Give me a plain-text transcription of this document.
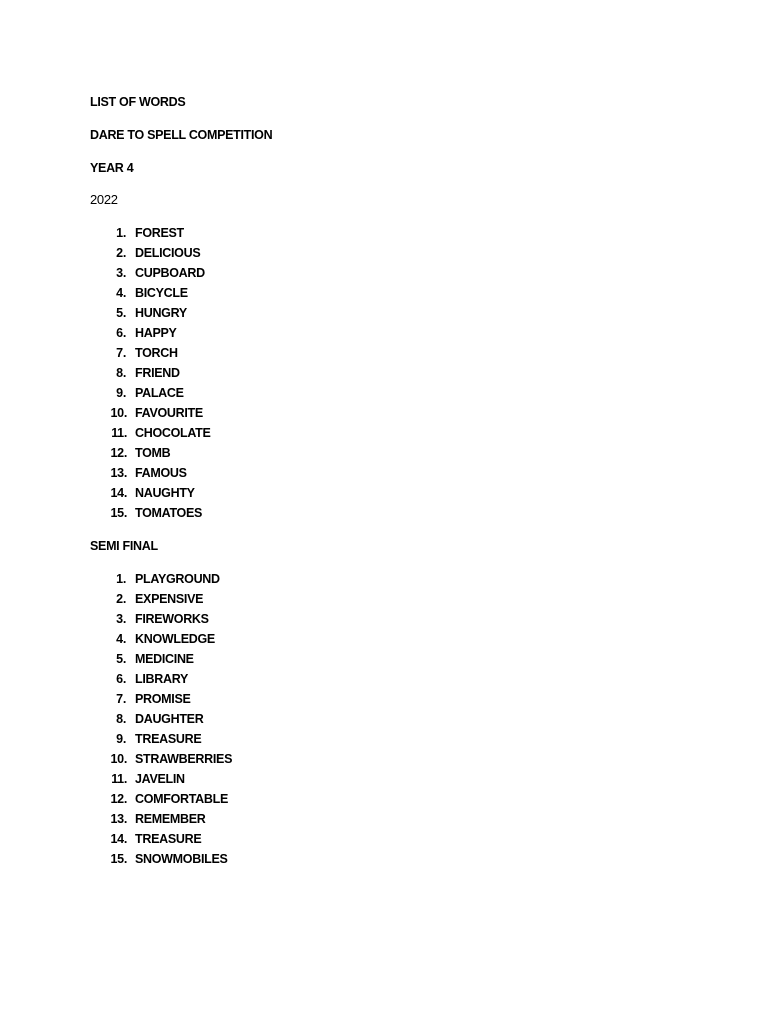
LIST OF WORDS
DARE TO SPELL COMPETITION
YEAR 4
2022
1. FOREST
2. DELICIOUS
3. CUPBOARD
4. BICYCLE
5. HUNGRY
6. HAPPY
7. TORCH
8. FRIEND
9. PALACE
10. FAVOURITE
11. CHOCOLATE
12. TOMB
13. FAMOUS
14. NAUGHTY
15. TOMATOES
SEMI FINAL
1. PLAYGROUND
2. EXPENSIVE
3. FIREWORKS
4. KNOWLEDGE
5. MEDICINE
6. LIBRARY
7. PROMISE
8. DAUGHTER
9. TREASURE
10. STRAWBERRIES
11. JAVELIN
12. COMFORTABLE
13. REMEMBER
14. TREASURE
15. SNOWMOBILES
